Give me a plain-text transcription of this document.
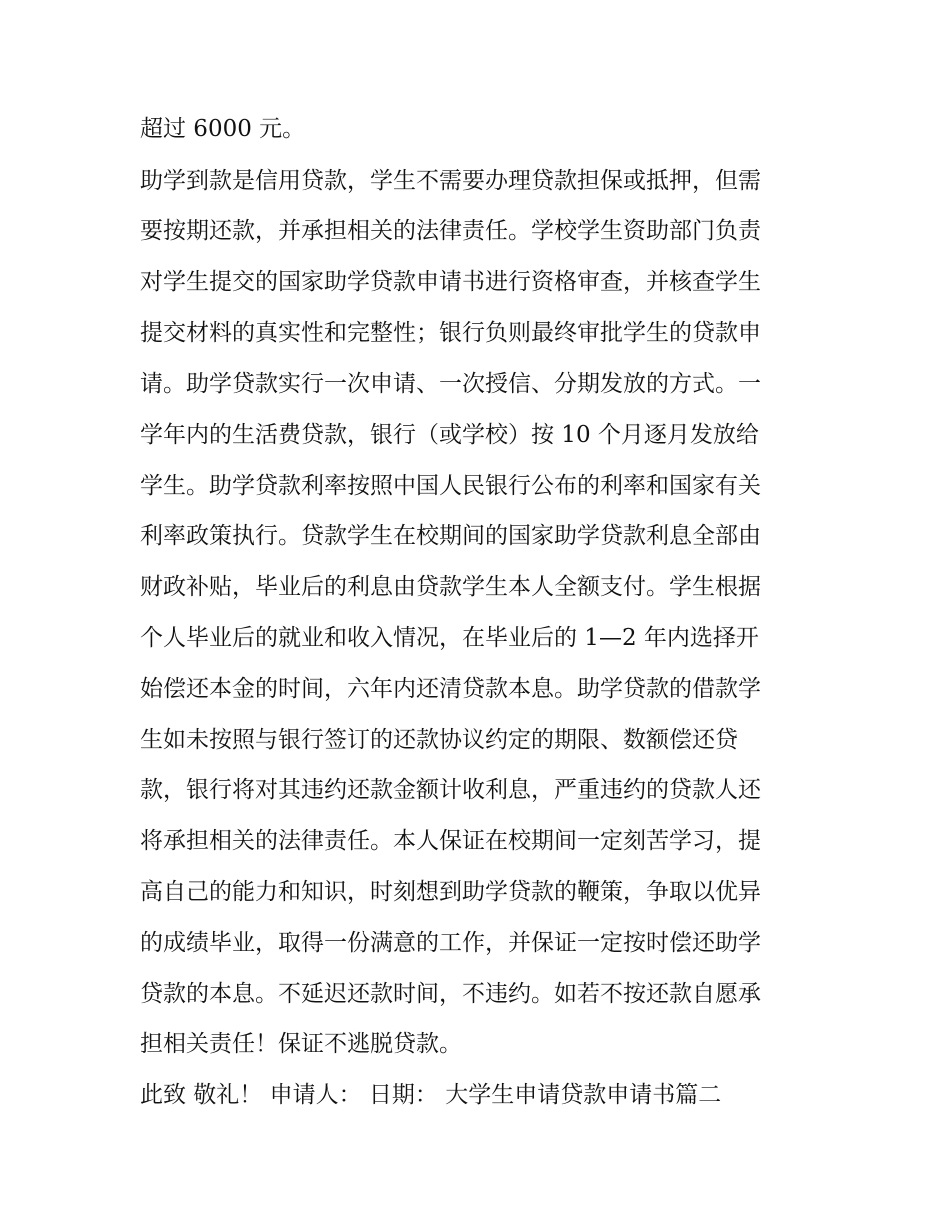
超过 6000 元。
助学到款是信用贷款，学生不需要办理贷款担保或抵押，但需
要按期还款，并承担相关的法律责任。学校学生资助部门负责
对学生提交的国家助学贷款申请书进行资格审查，并核查学生
提交材料的真实性和完整性；银行负则最终审批学生的贷款申
请。助学贷款实行一次申请、一次授信、分期发放的方式。一
学年内的生活费贷款，银行（或学校）按 10 个月逐月发放给
学生。助学贷款利率按照中国人民银行公布的利率和国家有关
利率政策执行。贷款学生在校期间的国家助学贷款利息全部由
财政补贴，毕业后的利息由贷款学生本人全额支付。学生根据
个人毕业后的就业和收入情况，在毕业后的 1—2 年内选择开
始偿还本金的时间，六年内还清贷款本息。助学贷款的借款学
生如未按照与银行签订的还款协议约定的期限、数额偿还贷
款，银行将对其违约还款金额计收利息，严重违约的贷款人还
将承担相关的法律责任。本人保证在校期间一定刻苦学习，提
高自己的能力和知识，时刻想到助学贷款的鞭策，争取以优异
的成绩毕业，取得一份满意的工作，并保证一定按时偿还助学
贷款的本息。不延迟还款时间，不违约。如若不按还款自愿承
担相关责任！保证不逃脱贷款。
此致 敬礼！ 申请人： 日期： 大学生申请贷款申请书篇二
